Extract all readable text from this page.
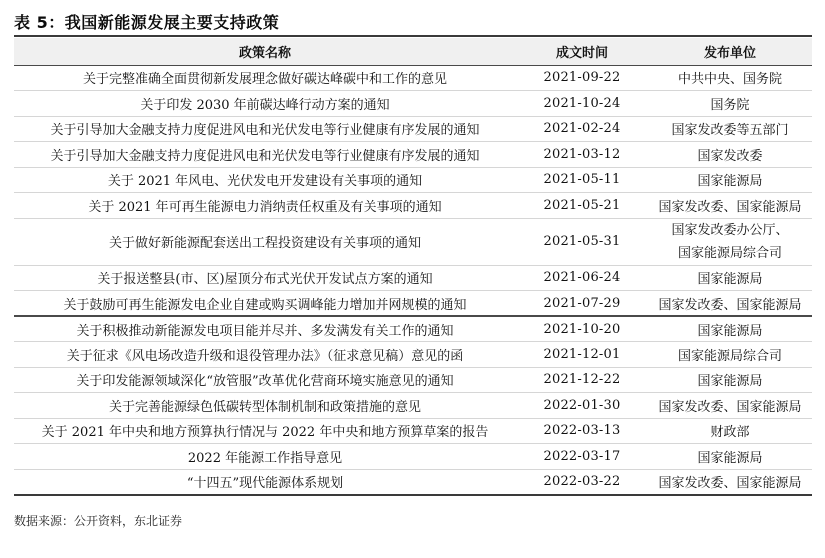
表 5：我国新能源发展主要支持政策
政策名称	成文时间	发布单位
关于完整准确全面贯彻新发展理念做好碳达峰碳中和工作的意见	2021-09-22	中共中央、国务院
关于印发 2030 年前碳达峰行动方案的通知	2021-10-24	国务院
关于引导加大金融支持力度促进风电和光伏发电等行业健康有序发展的通知	2021-02-24	国家发改委等五部门
关于引导加大金融支持力度促进风电和光伏发电等行业健康有序发展的通知	2021-03-12	国家发改委
关于 2021 年风电、光伏发电开发建设有关事项的通知	2021-05-11	国家能源局
关于 2021 年可再生能源电力消纳责任权重及有关事项的通知	2021-05-21	国家发改委、国家能源局
关于做好新能源配套送出工程投资建设有关事项的通知	2021-05-31	国家发改委办公厅、
国家能源局综合司

关于报送整县(市、区)屋顶分布式光伏开发试点方案的通知	2021-06-24	国家能源局
关于鼓励可再生能源发电企业自建或购买调峰能力增加并网规模的通知	2021-07-29	国家发改委、国家能源局
关于积极推动新能源发电项目能并尽并、多发满发有关工作的通知	2021-10-20	国家能源局
关于征求《风电场改造升级和退役管理办法》（征求意见稿）意见的函	2021-12-01	国家能源局综合司
关于印发能源领域深化“放管服”改革优化营商环境实施意见的通知	2021-12-22	国家能源局
关于完善能源绿色低碳转型体制机制和政策措施的意见	2022-01-30	国家发改委、国家能源局
关于 2021 年中央和地方预算执行情况与 2022 年中央和地方预算草案的报告	2022-03-13	财政部
2022 年能源工作指导意见	2022-03-17	国家能源局
“十四五”现代能源体系规划	2022-03-22	国家发改委、国家能源局
数据来源：公开资料，东北证券
